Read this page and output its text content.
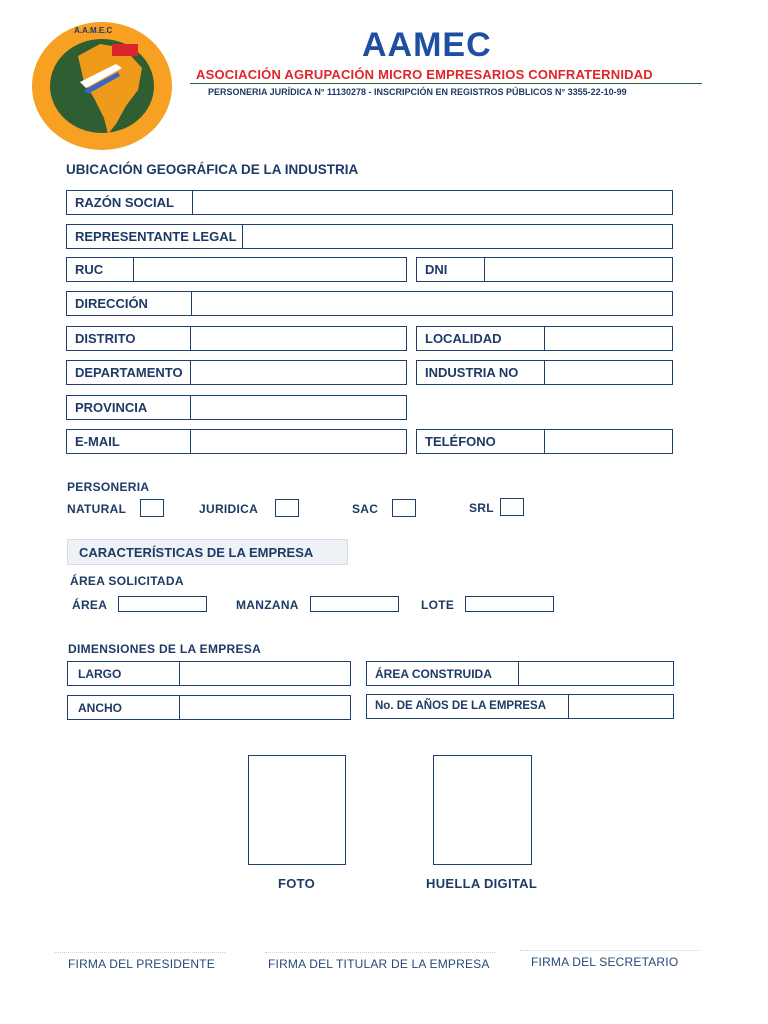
A.A.M.E.C	AAMEC
ASOCIACIÓN AGRUPACIÓN MICRO EMPRESARIOS CONFRATERNIDAD
PERSONERIA JURÍDICA N° 11130278 - INSCRIPCIÓN EN REGISTROS PÚBLICOS N° 3355-22-10-99
UBICACIÓN GEOGRÁFICA DE LA INDUSTRIA
RAZÓN SOCIAL
REPRESENTANTE LEGAL
RUC	DNI
DIRECCIÓN
DISTRITO	LOCALIDAD
DEPARTAMENTO	INDUSTRIA NO
PROVINCIA
E-MAIL	TELÉFONO
PERSONERIA
NATURAL	JURIDICA	SAC	SRL
CARACTERÍSTICAS DE LA EMPRESA
ÁREA SOLICITADA
ÁREA	MANZANA	LOTE
DIMENSIONES DE LA EMPRESA
LARGO	ÁREA CONSTRUIDA
ANCHO	No. DE AÑOS DE LA EMPRESA
FOTO	HUELLA DIGITAL
FIRMA DEL PRESIDENTE	FIRMA DEL TITULAR DE LA EMPRESA	FIRMA DEL SECRETARIO
